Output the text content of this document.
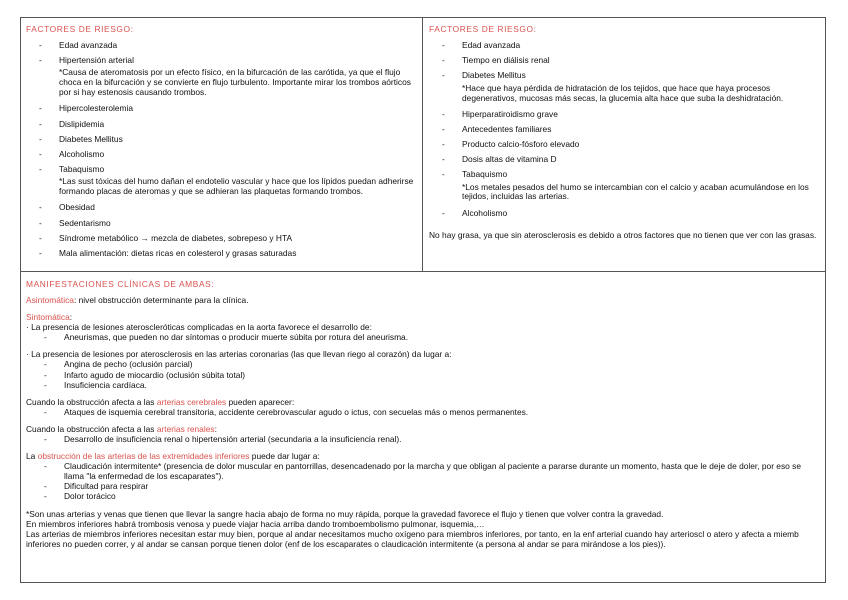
FACTORES DE RIESGO:
- Edad avanzada
- Hipertensión arterial
*Causa de ateromatosis por un efecto físico, en la bifurcación de las carótida, ya que el flujo choca en la bifurcación y se convierte en flujo turbulento. Importante mirar los trombos aórticos por si hay estenosis causando trombos.
- Hipercolesterolemia
- Dislipidemia
- Diabetes Mellitus
- Alcoholismo
- Tabaquismo
*Las sust tóxicas del humo dañan el endotelio vascular y hace que los lípidos puedan adherirse formando placas de ateromas y que se adhieran las plaquetas formando trombos.
- Obesidad
- Sedentarismo
- Síndrome metabólico → mezcla de diabetes, sobrepeso y HTA
- Mala alimentación: dietas ricas en colesterol y grasas saturadas
FACTORES DE RIESGO:
- Edad avanzada
- Tiempo en diálisis renal
- Diabetes Mellitus
*Hace que haya pérdida de hidratación de los tejidos, que hace que haya procesos degenerativos, mucosas más secas, la glucemia alta hace que suba la deshidratación.
- Hiperparatiroidismo grave
- Antecedentes familiares
- Producto calcio-fósforo elevado
- Dosis altas de vitamina D
- Tabaquismo
*Los metales pesados del humo se intercambian con el calcio y acaban acumulándose en los tejidos, incluidas las arterias.
- Alcoholismo

No hay grasa, ya que sin aterosclerosis es debido a otros factores que no tienen que ver con las grasas.

MANIFESTACIONES CLÍNICAS DE AMBAS:

Asintomática: nivel obstrucción determinante para la clínica.

Sintomática:

· La presencia de lesiones ateroscleróticas complicadas en la aorta favorece el desarrollo de:

- Aneurismas, que pueden no dar síntomas o producir muerte súbita por rotura del aneurisma.

· La presencia de lesiones por aterosclerosis en las arterias coronarias (las que llevan riego al corazón) da lugar a:

- Angina de pecho (oclusión parcial)
- Infarto agudo de miocardio (oclusión súbita total)
- Insuficiencia cardíaca.

Cuando la obstrucción afecta a las arterias cerebrales pueden aparecer:

- Ataques de isquemia cerebral transitoria, accidente cerebrovascular agudo o ictus, con secuelas más o menos permanentes.

Cuando la obstrucción afecta a las arterias renales:

- Desarrollo de insuficiencia renal o hipertensión arterial (secundaria a la insuficiencia renal).

La obstrucción de las arterias de las extremidades inferiores puede dar lugar a:

- Claudicación intermitente* (presencia de dolor muscular en pantorrillas, desencadenado por la marcha y que obligan al paciente a pararse durante un momento, hasta que le deje de doler, por eso se llama "la enfermedad de los escaparates").
- Dificultad para respirar
- Dolor torácico

*Son unas arterias y venas que tienen que llevar la sangre hacia abajo de forma no muy rápida, porque la gravedad favorece el flujo y tienen que volver contra la gravedad.

En miembros inferiores habrá trombosis venosa y puede viajar hacia arriba dando tromboembolismo pulmonar, isquemia,…

Las arterias de miembros inferiores necesitan estar muy bien, porque al andar necesitamos mucho oxígeno para miembros inferiores, por tanto, en la enf arterial cuando hay arterioscl o atero y afecta a miemb inferiores no pueden correr, y al andar se cansan porque tienen dolor (enf de los escaparates o claudicación intermitente (a persona al andar se para mirándose a los pies)).
